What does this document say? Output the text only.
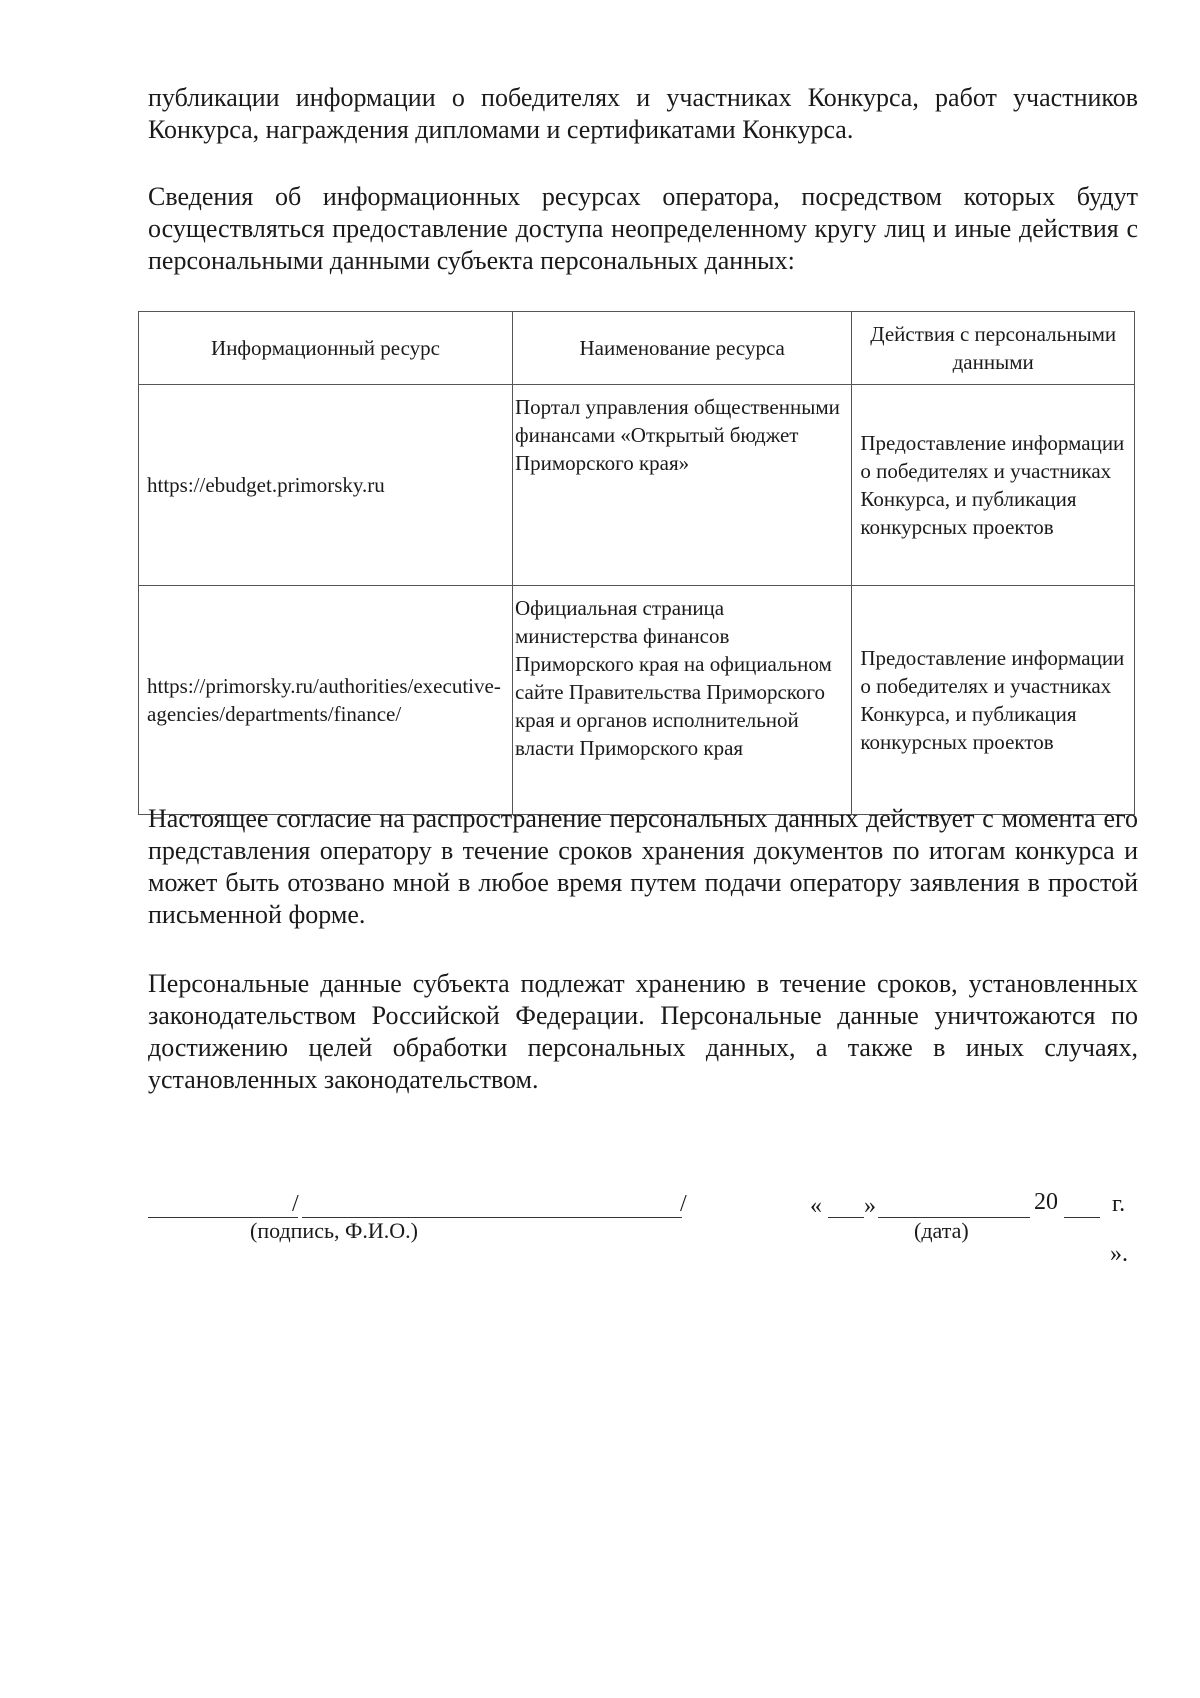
публикации информации о победителях и участниках Конкурса, работ участников Конкурса, награждения дипломами и сертификатами Конкурса.

Сведения об информационных ресурсах оператора, посредством которых будут осуществляться предоставление доступа неопределенному кругу лиц и иные действия с персональными данными субъекта персональных данных:

Информационный ресурс	Наименование ресурса	Действия с персональными данными
https://ebudget.primorsky.ru	Портал управления общественными финансами «Открытый бюджет Приморского края»	Предоставление информации о победителях и участниках Конкурса, и публикация конкурсных проектов
https://primorsky.ru/authorities/executive-agencies/departments/finance/	Официальная страница министерства финансов Приморского края на официальном сайте Правительства Приморского края и органов исполнительной власти Приморского края	Предоставление информации о победителях и участниках Конкурса, и публикация конкурсных проектов

Настоящее согласие на распространение персональных данных действует с момента его представления оператору в течение сроков хранения документов по итогам конкурса и может быть отозвано мной в любое время путем подачи оператору заявления в простой письменной форме.

Персональные данные субъекта подлежат хранению в течение сроков, установленных законодательством Российской Федерации. Персональные данные уничтожаются по достижению целей обработки персональных данных, а также в иных случаях, установленных законодательством.

/	/
(подпись, Ф.И.О.)
« »	20 г.
(дата)
».
